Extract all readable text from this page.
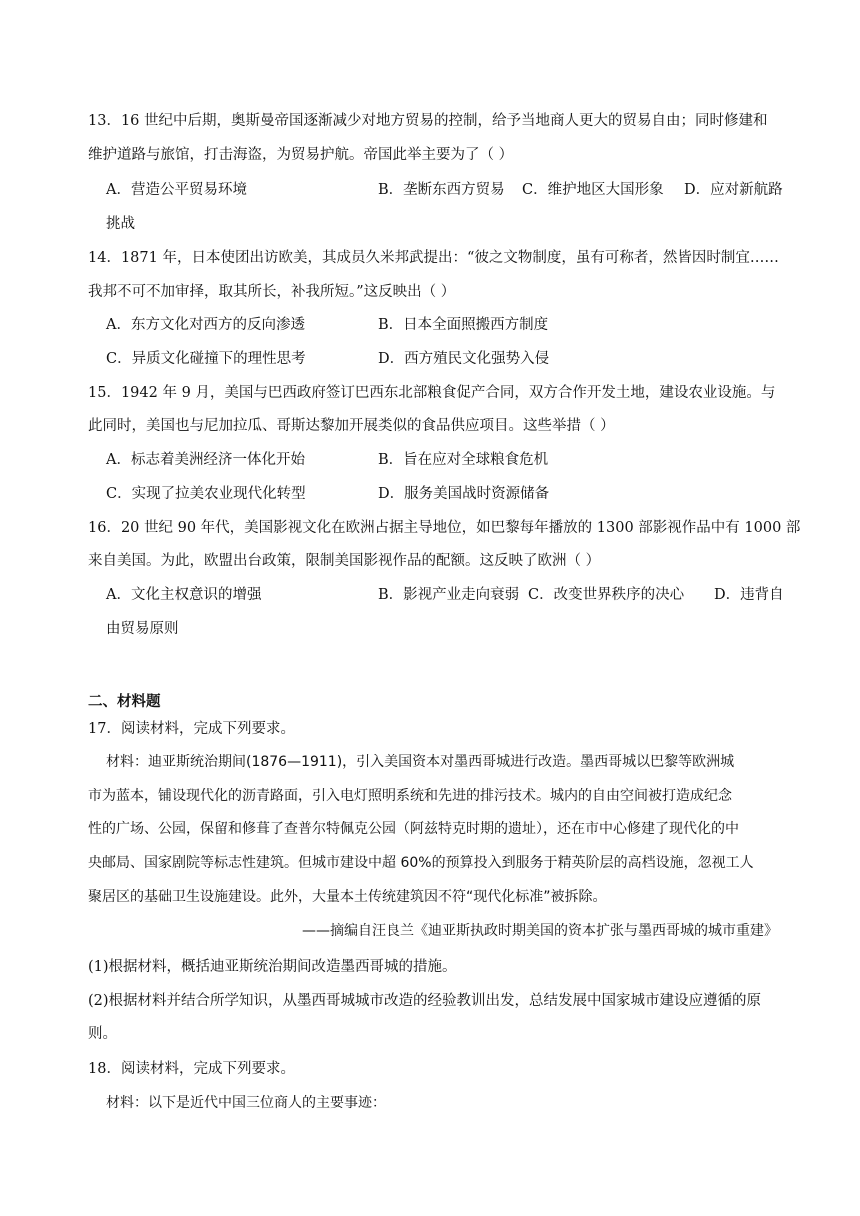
13．16 世纪中后期，奥斯曼帝国逐渐减少对地方贸易的控制，给予当地商人更大的贸易自由；同时修建和
维护道路与旅馆，打击海盗，为贸易护航。帝国此举主要为了（ ）
A．营造公平贸易环境	B．垄断东西方贸易 C．维护地区大国形象 D．应对新航路
挑战
14．1871 年，日本使团出访欧美，其成员久米邦武提出：“彼之文物制度，虽有可称者，然皆因时制宜……
我邦不可不加审择，取其所长，补我所短。”这反映出（ ）
A．东方文化对西方的反向渗透	B．日本全面照搬西方制度
C．异质文化碰撞下的理性思考	D．西方殖民文化强势入侵
15．1942 年 9 月，美国与巴西政府签订巴西东北部粮食促产合同，双方合作开发土地，建设农业设施。与
此同时，美国也与尼加拉瓜、哥斯达黎加开展类似的食品供应项目。这些举措（ ）
A．标志着美洲经济一体化开始	B．旨在应对全球粮食危机
C．实现了拉美农业现代化转型	D．服务美国战时资源储备
16．20 世纪 90 年代，美国影视文化在欧洲占据主导地位，如巴黎每年播放的 1300 部影视作品中有 1000 部
来自美国。为此，欧盟出台政策，限制美国影视作品的配额。这反映了欧洲（ ）
A．文化主权意识的增强	B．影视产业走向衰弱 C．改变世界秩序的决心 D．违背自
由贸易原则
二、材料题
17．阅读材料，完成下列要求。
材料：迪亚斯统治期间(1876—1911)，引入美国资本对墨西哥城进行改造。墨西哥城以巴黎等欧洲城
市为蓝本，铺设现代化的沥青路面，引入电灯照明系统和先进的排污技术。城内的自由空间被打造成纪念
性的广场、公园，保留和修葺了查普尔特佩克公园（阿兹特克时期的遗址），还在市中心修建了现代化的中
央邮局、国家剧院等标志性建筑。但城市建设中超 60%的预算投入到服务于精英阶层的高档设施，忽视工人
聚居区的基础卫生设施建设。此外，大量本土传统建筑因不符“现代化标准”被拆除。
——摘编自汪良兰《迪亚斯执政时期美国的资本扩张与墨西哥城的城市重建》
(1)根据材料，概括迪亚斯统治期间改造墨西哥城的措施。
(2)根据材料并结合所学知识，从墨西哥城城市改造的经验教训出发，总结发展中国家城市建设应遵循的原
则。
18．阅读材料，完成下列要求。
材料：以下是近代中国三位商人的主要事迹：
